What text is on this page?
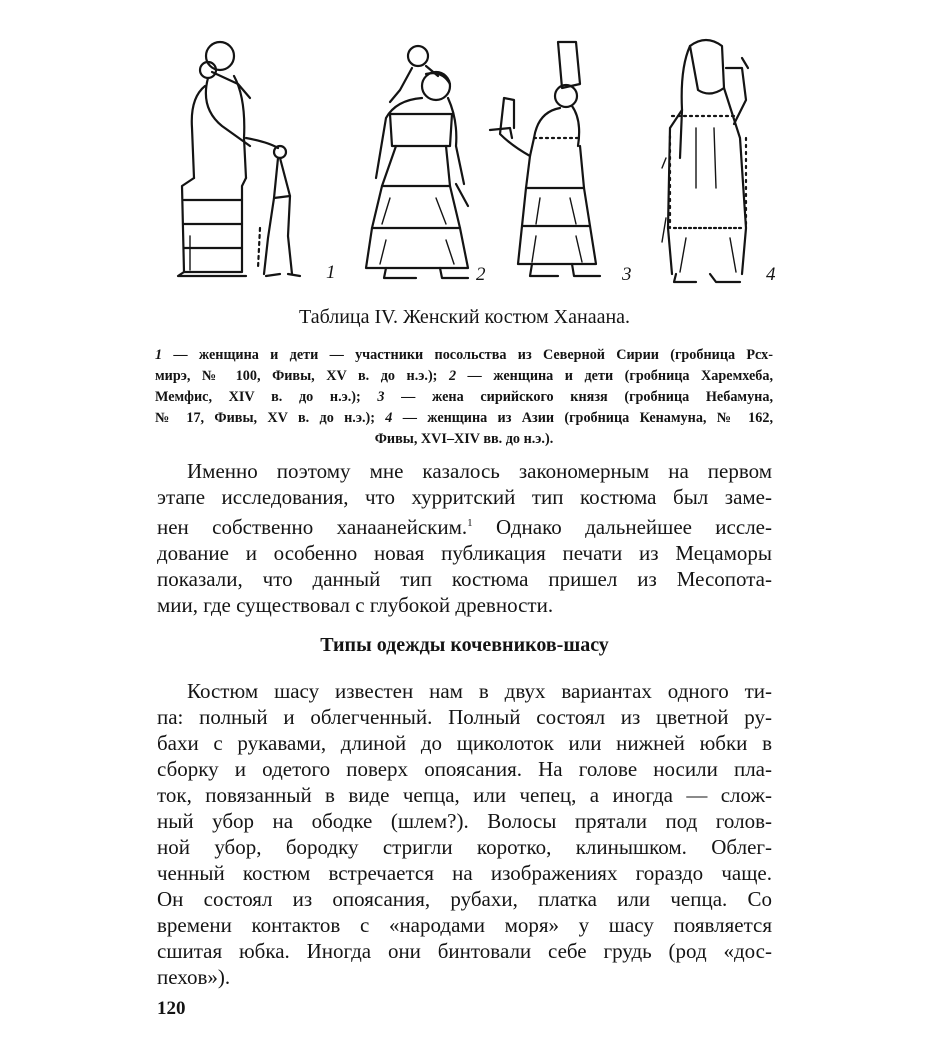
1	2	3	4
Таблица IV. Женский костюм Ханаана.
1 — женщина и дети — участники посольства из Северной Сирии (гробница Рсх-
мирэ, № 100, Фивы, XV в. до н.э.); 2 — женщина и дети (гробница Харемхеба,
Мемфис, XIV в. до н.э.); 3 — жена сирийского князя (гробница Небамуна,
№ 17, Фивы, XV в. до н.э.); 4 — женщина из Азии (гробница Кенамуна, № 162,
Фивы, XVI–XIV вв. до н.э.).
Именно поэтому мне казалось закономерным на первом
этапе исследования, что хурритский тип костюма был заме-
нен собственно ханаанейским.$^1$ Однако дальнейшее иссле-
дование и особенно новая публикация печати из Мецаморы
показали, что данный тип костюма пришел из Месопота-
мии, где существовал с глубокой древности.
Типы одежды кочевников-шасу
Костюм шасу известен нам в двух вариантах одного ти-
па: полный и облегченный. Полный состоял из цветной ру-
бахи с рукавами, длиной до щиколоток или нижней юбки в
сборку и одетого поверх опоясания. На голове носили пла-
ток, повязанный в виде чепца, или чепец, а иногда — слож-
ный убор на ободке (шлем?). Волосы прятали под голов-
ной убор, бородку стригли коротко, клинышком. Облег-
ченный костюм встречается на изображениях гораздо чаще.
Он состоял из опоясания, рубахи, платка или чепца. Со
времени контактов с «народами моря» у шасу появляется
сшитая юбка. Иногда они бинтовали себе грудь (род «дос-
пехов»).
120
